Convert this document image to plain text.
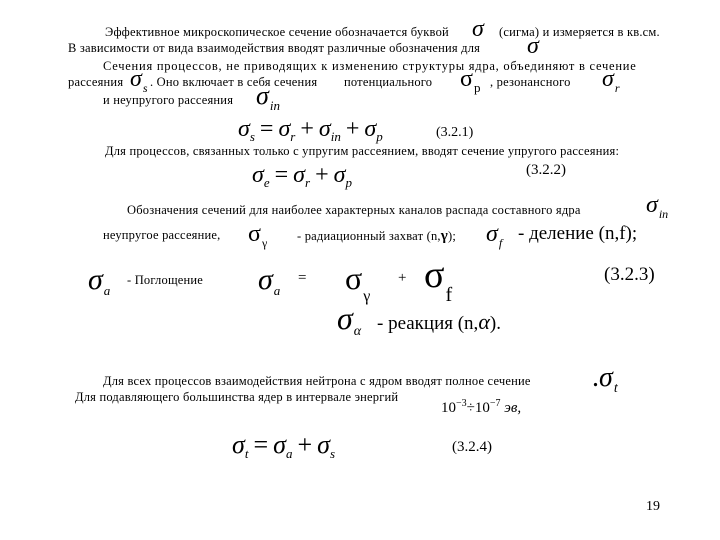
Эффективное микроскопическое сечение обозначается буквой σ (сигма) и измеряется в кв.см.
В зависимости от вида взаимодействия вводят различные обозначения для σ
Сечения процессов, не приводящих к изменению структуры ядра, объединяют в сечение
рассеяния $\sigma_s$ . Оно включает в себя сечения потенциального $\sigma_p$ , резонансного $\sigma_r$
и неупругого рассеяния $\sigma_{in}$
$\sigma_s = \sigma_r + \sigma_{in} + \sigma_p$	(3.2.1)
Для процессов, связанных только с упругим рассеянием, вводят сечение упругого рассеяния:
$\sigma_e = \sigma_r + \sigma_p$
(3.2.2)
Обозначения сечений для наиболее характерных каналов распада составного ядра	$\sigma_{in}$
неупругое рассеяние, $\sigma_\gamma$ - радиационный захват (n,γ); $\sigma_f$ - деление (n,f);
$\sigma_a$
- Поглощение $\sigma_a$
= $\sigma_\gamma$
+ $\sigma_f$
(3.2.3)
$\sigma_\alpha$ - реакция (n,α).
Для всех процессов взаимодействия нейтрона с ядром вводят полное сечение $.\sigma_t$
Для подавляющего большинства ядер в интервале энергий
$10^{-3}\div 10^{-7}$ эв,
$\sigma_t = \sigma_a + \sigma_s$	(3.2.4)
19
